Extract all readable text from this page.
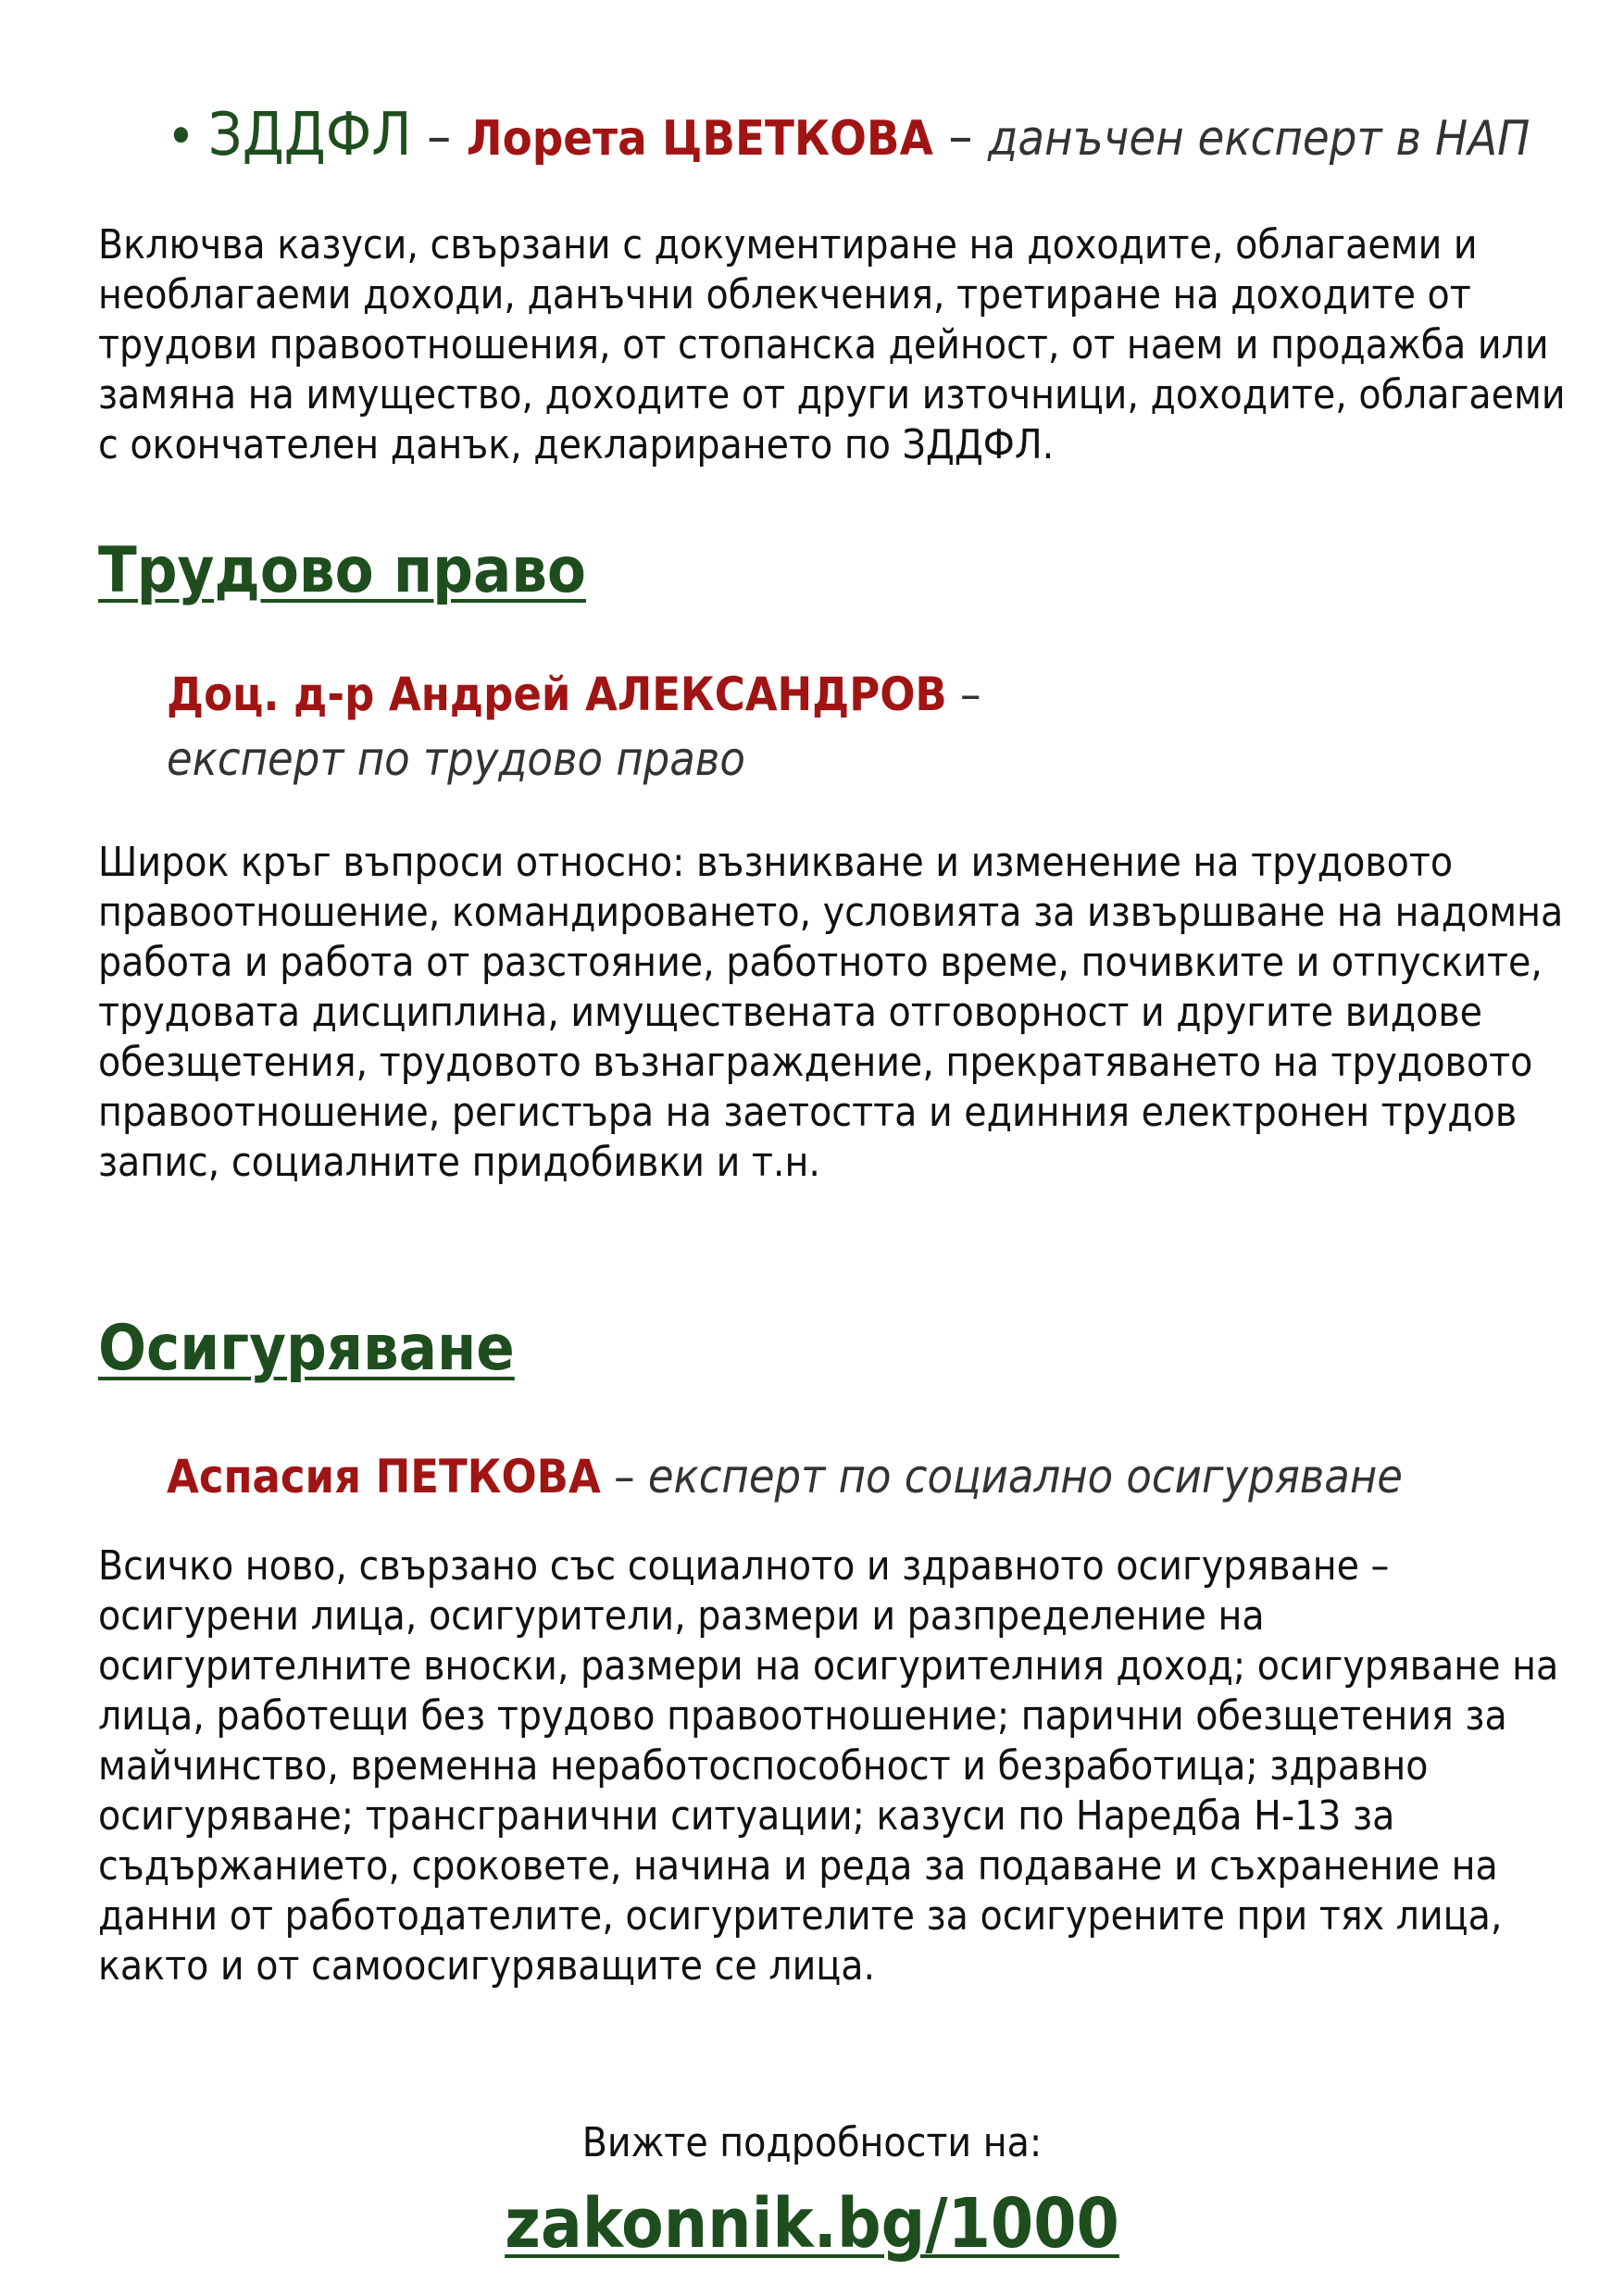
• ЗДДФЛ – Лорета ЦВЕТКОВА – данъчен експерт в НАП
Включва казуси, свързани с документиране на доходите, облагаеми и необлагаеми доходи, данъчни облекчения, третиране на доходите от трудови правоотношения, от стопанска дейност, от наем и продажба или замяна на имущество, доходите от други източници, доходите, облагаеми с окончателен данък, декларирането по ЗДДФЛ.
Трудово право
Доц. д-р Андрей АЛЕКСАНДРОВ –
експерт по трудово право
Широк кръг въпроси относно: възникване и изменение на трудовото правоотношение, командироването, условията за извършване на надомна работа и работа от разстояние, работното време, почивките и отпуските, трудовата дисциплина, имуществената отговорност и другите видове обезщетения, трудовото възнаграждение, прекратяването на трудовото правоотношение, регистъра на заетостта и единния електронен трудов запис, социалните придобивки и т.н.
Осигуряване
Аспасия ПЕТКОВА – експерт по социално осигуряване
Всичко ново, свързано със социалното и здравното осигуряване – осигурени лица, осигурители, размери и разпределение на осигурителните вноски, размери на осигурителния доход; осигуряване на лица, работещи без трудово правоотношение; парични обезщетения за майчинство, временна неработоспособност и безработица; здравно осигуряване; трансгранични ситуации; казуси по Наредба Н-13 за съдържанието, сроковете, начина и реда за подаване и съхранение на данни от работодателите, осигурителите за осигурените при тях лица, както и от самоосигуряващите се лица.
Вижте подробности на:
zakonnik.bg/1000
